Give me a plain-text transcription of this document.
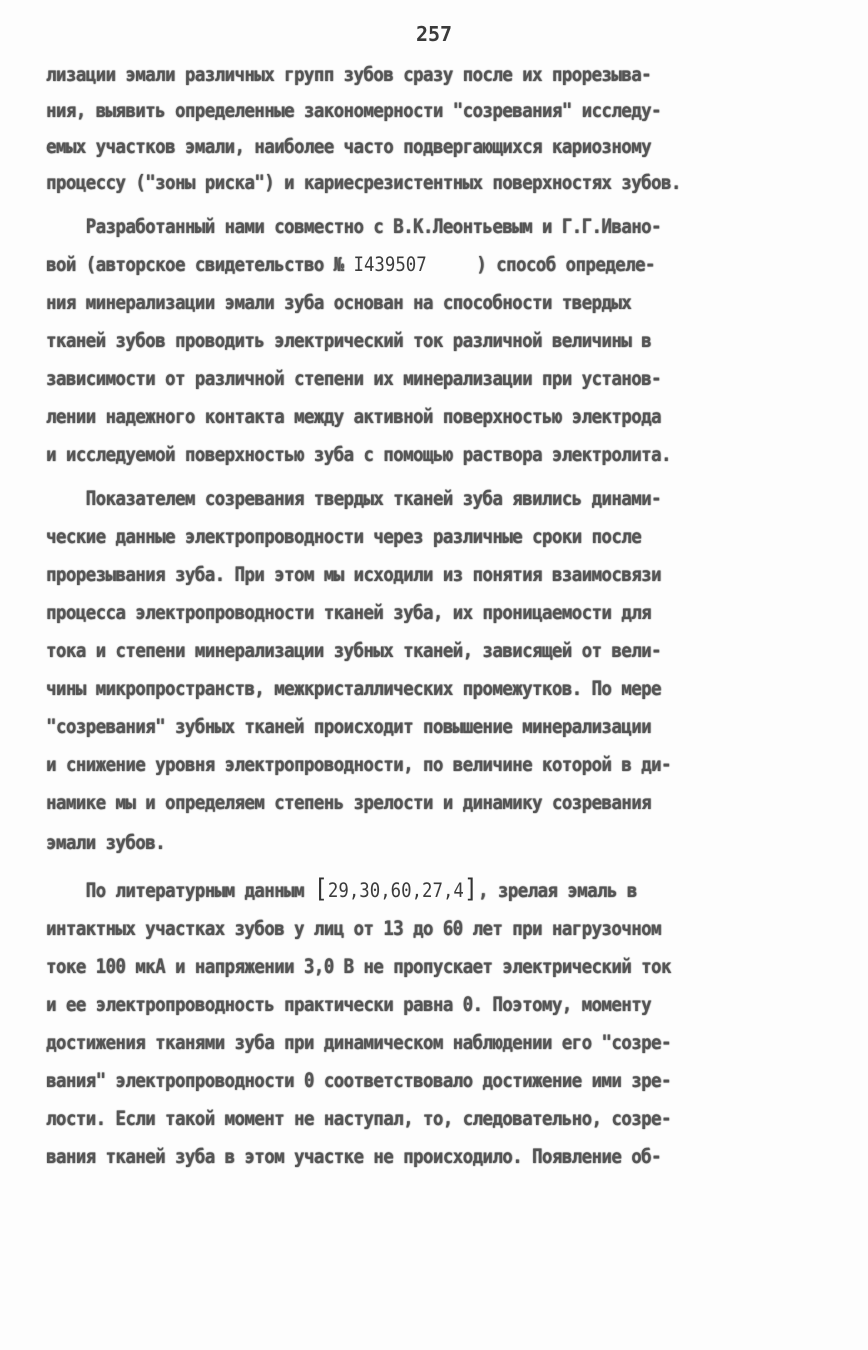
257
лизации эмали различных групп зубов сразу после их прорезыва-
ния, выявить определенные закономерности "созревания" исследу-
емых участков эмали, наиболее часто подвергающихся кариозному
процессу ("зоны риска") и кариесрезистентных поверхностях зубов.
Разработанный нами совместно с В.К.Леонтьевым и Г.Г.Ивано-
вой (авторское свидетельство № I439507     ) способ определе-
ния минерализации эмали зуба основан на способности твердых
тканей зубов проводить электрический ток различной величины в
зависимости от различной степени их минерализации при установ-
лении надежного контакта между активной поверхностью электрода
и исследуемой поверхностью зуба с помощью раствора электролита.
Показателем созревания твердых тканей зуба явились динами-
ческие данные электропроводности через различные сроки после
прорезывания зуба. При этом мы исходили из понятия взаимосвязи
процесса электропроводности тканей зуба, их проницаемости для
тока и степени минерализации зубных тканей, зависящей от вели-
чины микропространств, межкристаллических промежутков. По мере
"созревания" зубных тканей происходит повышение минерализации
и снижение уровня электропроводности, по величине которой в ди-
намике мы и определяем степень зрелости и динамику созревания
эмали зубов.
По литературным данным [29,30,60,27,4], зрелая эмаль в
интактных участках зубов у лиц от 13 до 60 лет при нагрузочном
токе 100 мкА и напряжении 3,0 В не пропускает электрический ток
и ее электропроводность практически равна 0. Поэтому, моменту
достижения тканями зуба при динамическом наблюдении его "созре-
вания" электропроводности 0 соответствовало достижение ими зре-
лости. Если такой момент не наступал, то, следовательно, созре-
вания тканей зуба в этом участке не происходило. Появление об-
